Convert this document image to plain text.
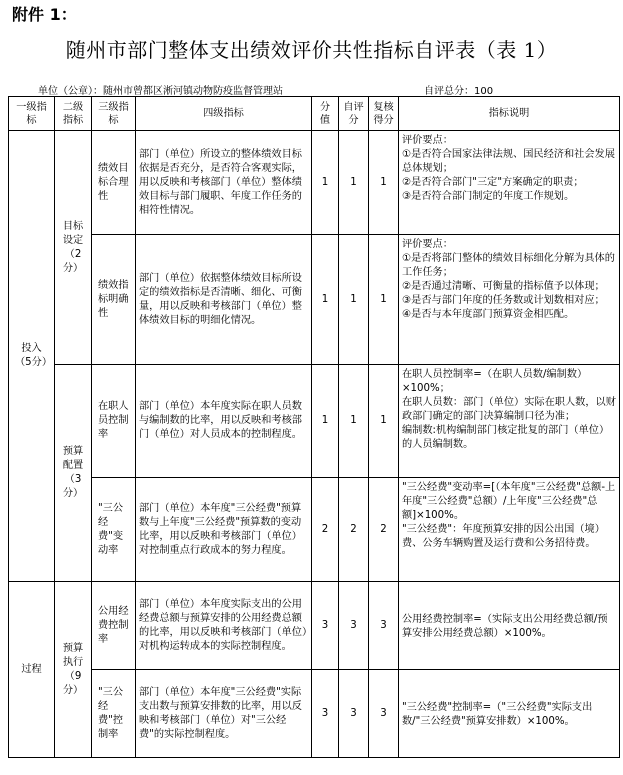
附件 1：
随州市部门整体支出绩效评价共性指标自评表（表 1）
单位（公章）：随州市曾都区淅河镇动物防疫监督管理站	自评总分：100
一级指标	二级指标	三级指标	四级指标	分值	自评分	复核得分	指标说明
投入（5分）	目标设定（2分）	绩效目标合理性	部门（单位）所设立的整体绩效目标依据是否充分，是否符合客观实际，用以反映和考核部门（单位）整体绩效目标与部门履职、年度工作任务的相符性情况。	1	1	1	评价要点：
①是否符合国家法律法规、国民经济和社会发展总体规划；
②是否符合部门"三定"方案确定的职责；
③是否符合部门制定的年度工作规划。

		绩效指标明确性	部门（单位）依据整体绩效目标所设定的绩效指标是否清晰、细化、可衡量，用以反映和考核部门（单位）整体绩效目标的明细化情况。	1	1	1	评价要点：
①是否将部门整体的绩效目标细化分解为具体的工作任务；
②是否通过清晰、可衡量的指标值予以体现；
③是否与部门年度的任务数或计划数相对应；
④是否与本年度部门预算资金相匹配。

	预算配置（3分）	在职人员控制率	部门（单位）本年度实际在职人员数与编制数的比率，用以反映和考核部门（单位）对人员成本的控制程度。	1	1	1	在职人员控制率=（在职人员数/编制数）×100%；
在职人员数：部门（单位）实际在职人数，以财政部门确定的部门决算编制口径为准；
编制数:机构编制部门核定批复的部门（单位）的人员编制数。

		"三公经费"变动率	部门（单位）本年度"三公经费"预算数与上年度"三公经费"预算数的变动比率，用以反映和考核部门（单位）对控制重点行政成本的努力程度。	2	2	2	"三公经费"变动率=[（本年度"三公经费"总额-上年度"三公经费"总额）/上年度"三公经费"总额]×100%。
"三公经费"：年度预算安排的因公出国（境）费、公务车辆购置及运行费和公务招待费。

过程	预算执行（9分）	公用经费控制率	部门（单位）本年度实际支出的公用经费总额与预算安排的公用经费总额的比率，用以反映和考核部门（单位）对机构运转成本的实际控制程度。	3	3	3	公用经费控制率=（实际支出公用经费总额/预算安排公用经费总额）×100%。

		"三公经费"控制率	部门（单位）本年度"三公经费"实际支出数与预算安排数的比率，用以反映和考核部门（单位）对"三公经费"的实际控制程度。	3	3	3	"三公经费"控制率=（"三公经费"实际支出数/"三公经费"预算安排数）×100%。
